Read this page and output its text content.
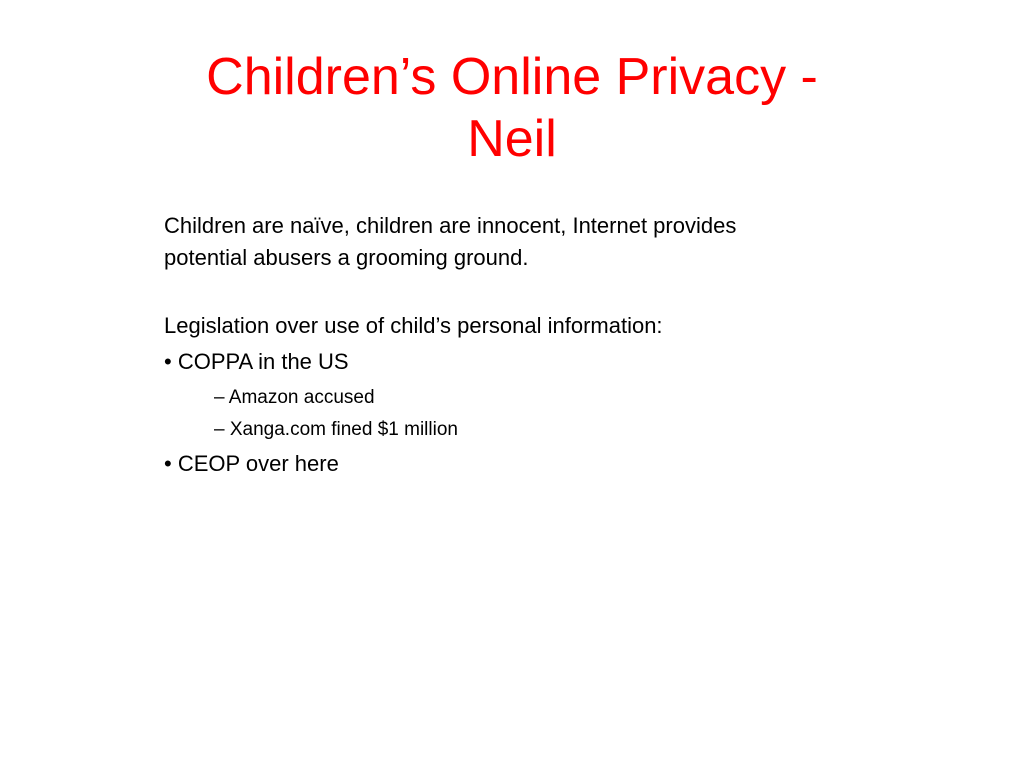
Children’s Online Privacy -
Neil

Children are naïve, children are innocent, Internet provides
potential abusers a grooming ground.

Legislation over use of child’s personal information:

• COPPA in the US

– Amazon accused

– Xanga.com fined $1 million

• CEOP over here
